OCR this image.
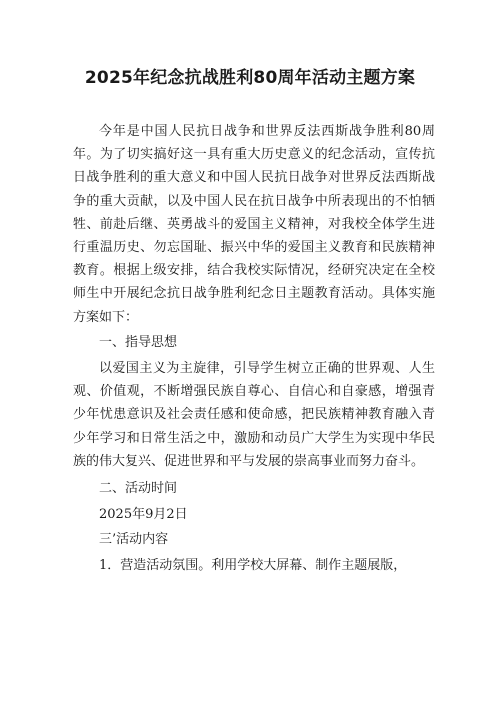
2025年纪念抗战胜利80周年活动主题方案

今年是中国人民抗日战争和世界反法西斯战争胜利80周年。为了切实搞好这一具有重大历史意义的纪念活动，宣传抗日战争胜利的重大意义和中国人民抗日战争对世界反法西斯战争的重大贡献，以及中国人民在抗日战争中所表现出的不怕牺牲、前赴后继、英勇战斗的爱国主义精神，对我校全体学生进行重温历史、勿忘国耻、振兴中华的爱国主义教育和民族精神教育。根据上级安排，结合我校实际情况，经研究决定在全校师生中开展纪念抗日战争胜利纪念日主题教育活动。具体实施方案如下：

一、指导思想

以爱国主义为主旋律，引导学生树立正确的世界观、人生观、价值观，不断增强民族自尊心、自信心和自豪感，增强青少年忧患意识及社会责任感和使命感，把民族精神教育融入青少年学习和日常生活之中，激励和动员广大学生为实现中华民族的伟大复兴、促进世界和平与发展的崇高事业而努力奋斗。

二、活动时间

2025年9月2日

三’活动内容

1．营造活动氛围。利用学校大屏幕、制作主题展版，
